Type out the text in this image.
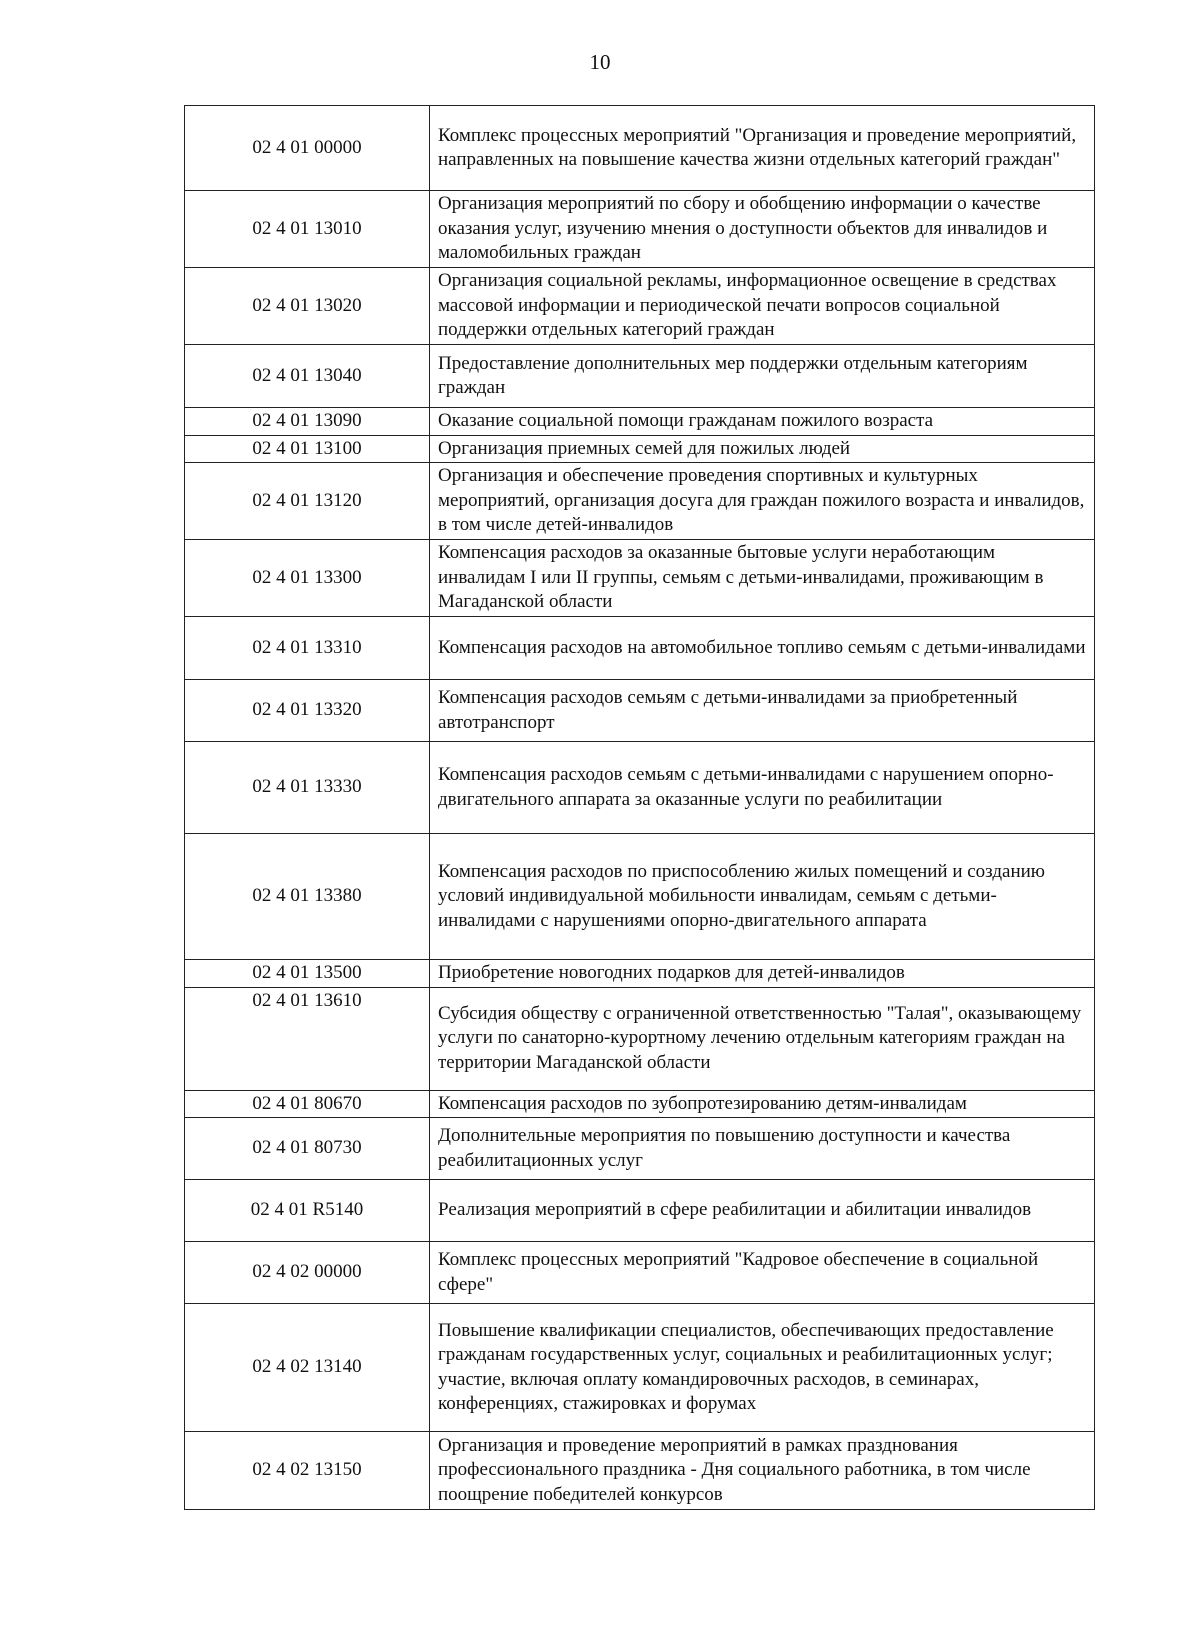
10
02 4 01 00000	Комплекс процессных мероприятий "Организация и проведение мероприятий, направленных на повышение качества жизни отдельных категорий граждан"
02 4 01 13010	Организация мероприятий по сбору и обобщению информации о качестве оказания услуг, изучению мнения о доступности объектов для инвалидов и маломобильных граждан
02 4 01 13020	Организация социальной рекламы, информационное освещение в средствах массовой информации и периодической печати вопросов социальной поддержки отдельных категорий граждан
02 4 01 13040	Предоставление дополнительных мер поддержки отдельным категориям граждан
02 4 01 13090	Оказание социальной помощи гражданам пожилого возраста
02 4 01 13100	Организация приемных семей для пожилых людей
02 4 01 13120	Организация и обеспечение проведения спортивных и культурных мероприятий, организация досуга для граждан пожилого возраста и инвалидов, в том числе детей-инвалидов
02 4 01 13300	Компенсация расходов за оказанные бытовые услуги неработающим инвалидам I или II группы, семьям с детьми-инвалидами, проживающим в Магаданской области
02 4 01 13310	Компенсация расходов на автомобильное топливо семьям с детьми-инвалидами
02 4 01 13320	Компенсация расходов семьям с детьми-инвалидами за приобретенный автотранспорт
02 4 01 13330	Компенсация расходов семьям с детьми-инвалидами с нарушением опорно-двигательного аппарата за оказанные услуги по реабилитации
02 4 01 13380	Компенсация расходов по приспособлению жилых помещений и созданию условий индивидуальной мобильности инвалидам, семьям с детьми-инвалидами с нарушениями опорно-двигательного аппарата
02 4 01 13500	Приобретение новогодних подарков для детей-инвалидов
02 4 01 13610	Субсидия обществу с ограниченной ответственностью "Талая", оказывающему услуги по санаторно-курортному лечению отдельным категориям граждан на территории Магаданской области
02 4 01 80670	Компенсация расходов по зубопротезированию детям-инвалидам
02 4 01 80730	Дополнительные мероприятия по повышению доступности и качества реабилитационных услуг
02 4 01 R5140	Реализация мероприятий в сфере реабилитации и абилитации инвалидов
02 4 02 00000	Комплекс процессных мероприятий "Кадровое обеспечение в социальной сфере"
02 4 02 13140	Повышение квалификации специалистов, обеспечивающих предоставление гражданам государственных услуг, социальных и реабилитационных услуг; участие, включая оплату командировочных расходов, в семинарах, конференциях, стажировках и форумах
02 4 02 13150	Организация и проведение мероприятий в рамках празднования профессионального праздника - Дня социального работника, в том числе поощрение победителей конкурсов
